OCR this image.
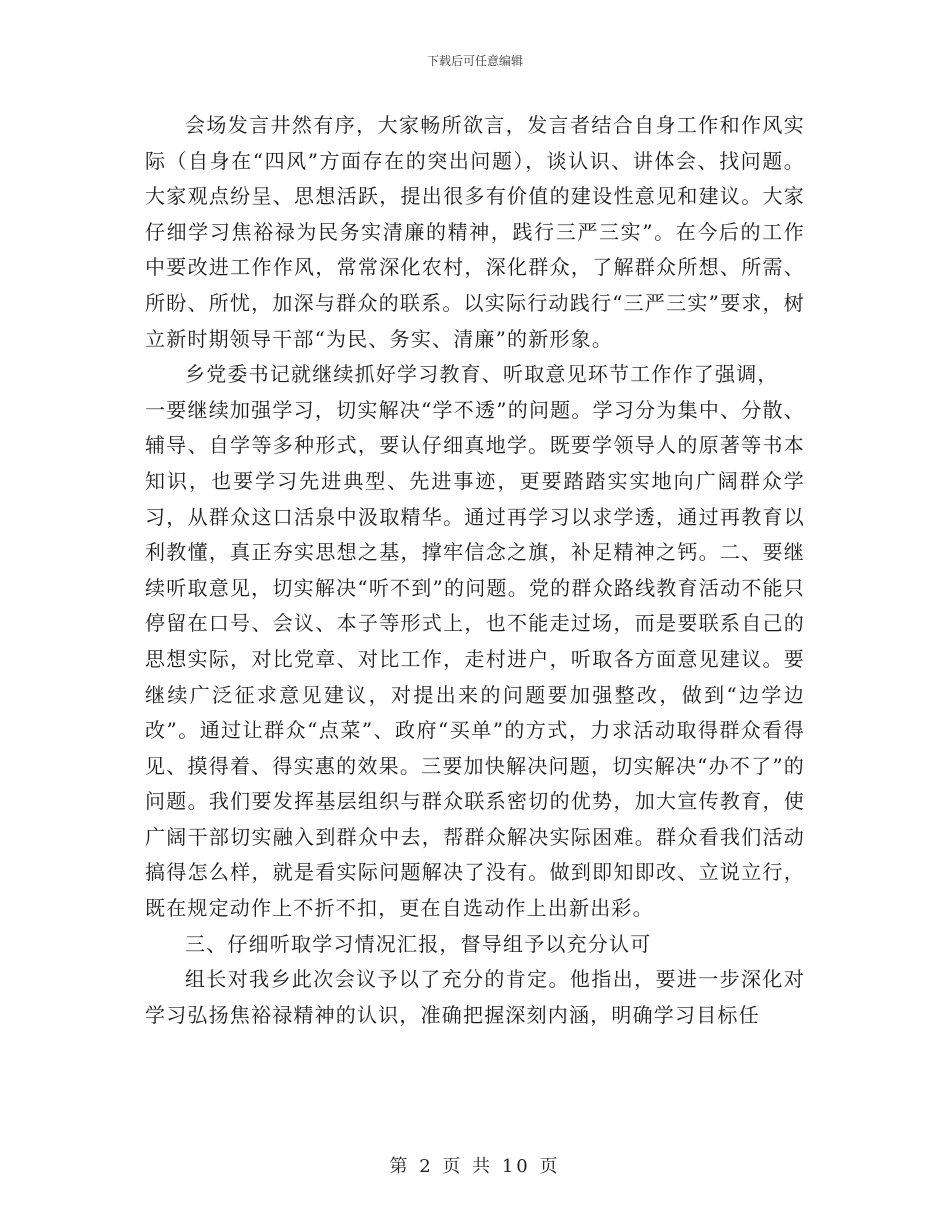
下载后可任意编辑

会场发言井然有序，大家畅所欲言，发言者结合自身工作和作风实际（自身在“四风”方面存在的突出问题），谈认识、讲体会、找问题。大家观点纷呈、思想活跃，提出很多有价值的建设性意见和建议。大家仔细学习焦裕禄为民务实清廉的精神，践行三严三实”。在今后的工作中要改进工作作风，常常深化农村，深化群众，了解群众所想、所需、所盼、所忧，加深与群众的联系。以实际行动践行“三严三实”要求，树立新时期领导干部“为民、务实、清廉”的新形象。

乡党委书记就继续抓好学习教育、听取意见环节工作作了强调，

一要继续加强学习，切实解决“学不透”的问题。学习分为集中、分散、辅导、自学等多种形式，要认仔细真地学。既要学领导人的原著等书本知识，也要学习先进典型、先进事迹，更要踏踏实实地向广阔群众学习，从群众这口活泉中汲取精华。通过再学习以求学透，通过再教育以利教懂，真正夯实思想之基，撑牢信念之旗，补足精神之钙。二、要继续听取意见，切实解决“听不到”的问题。党的群众路线教育活动不能只停留在口号、会议、本子等形式上，也不能走过场，而是要联系自己的思想实际，对比党章、对比工作，走村进户，听取各方面意见建议。要继续广泛征求意见建议，对提出来的问题要加强整改，做到“边学边改”。通过让群众“点菜”、政府“买单”的方式，力求活动取得群众看得见、摸得着、得实惠的效果。三要加快解决问题，切实解决“办不了”的问题。我们要发挥基层组织与群众联系密切的优势，加大宣传教育，使广阔干部切实融入到群众中去，帮群众解决实际困难。群众看我们活动搞得怎么样，就是看实际问题解决了没有。做到即知即改、立说立行，既在规定动作上不折不扣，更在自选动作上出新出彩。

三、仔细听取学习情况汇报，督导组予以充分认可

组长对我乡此次会议予以了充分的肯定。他指出，要进一步深化对学习弘扬焦裕禄精神的认识，准确把握深刻内涵，明确学习目标任

第 2 页 共 10 页
